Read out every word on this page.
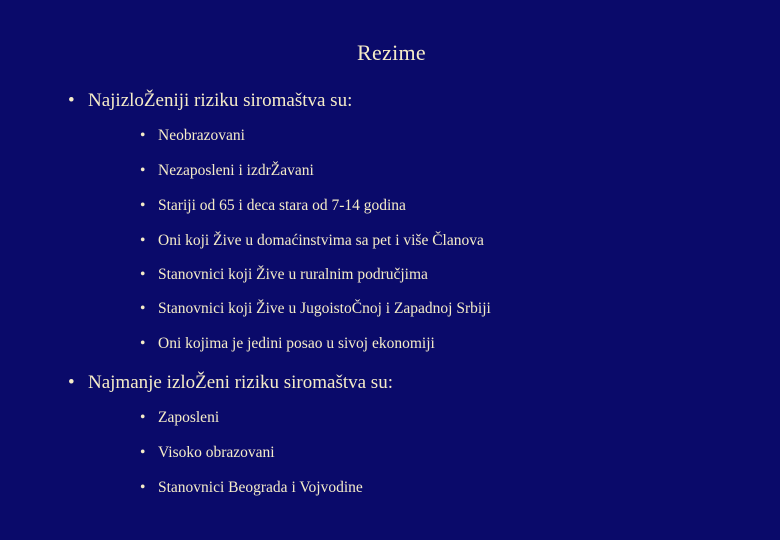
Rezime
• NajizloŽeniji riziku siromaštva su:
• Neobrazovani
• Nezaposleni i izdrŽavani
• Stariji od 65 i deca stara od 7-14 godina
• Oni koji Žive u domaćinstvima sa pet i više Članova
• Stanovnici koji Žive u ruralnim područjima
• Stanovnici koji Žive u JugoistoČnoj i Zapadnoj Srbiji
• Oni kojima je jedini posao u sivoj ekonomiji
• Najmanje izloŽeni riziku siromaštva su:
• Zaposleni
• Visoko obrazovani
• Stanovnici Beograda i Vojvodine
